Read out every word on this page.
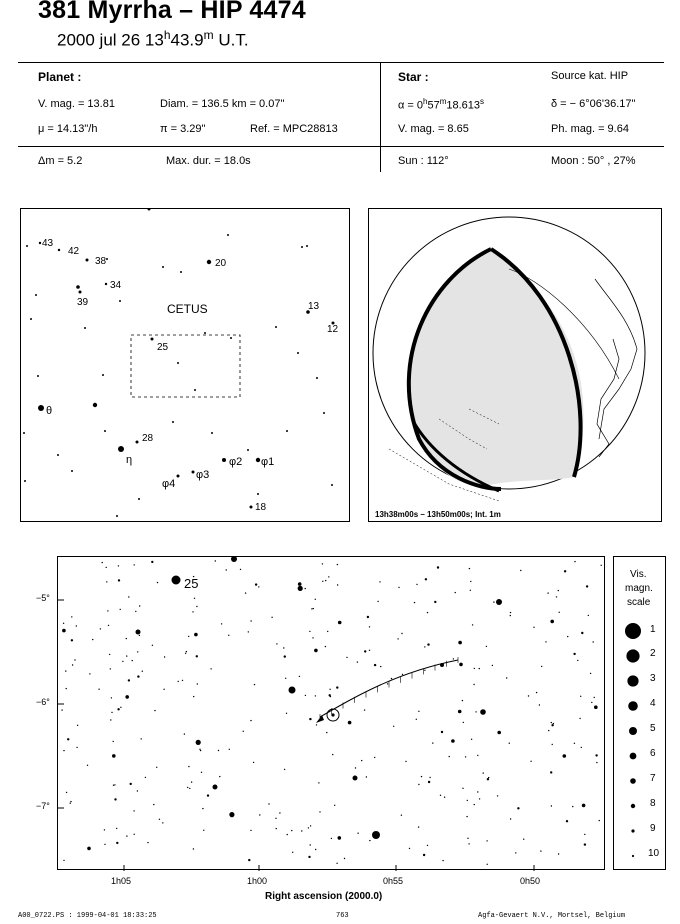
381 Myrrha – HIP 4474
2000 jul 26 13$^h$43.9$^m$ U.T.
Planet :
V. mag. = 13.81	Diam. = 136.5 km = 0.07"
μ = 14.13"/h	π = 3.29"	Ref. = MPC28813
Star :	Source kat. HIP
$\alpha = 0^h57^m18.613^s$	δ = − 6°06'36.17"
V. mag. = 8.65	Ph. mag. = 9.64
Δm = 5.2	Max. dur. = 18.0s	Sun : 112°	Moon : 50° , 27%
CETUS
43
42
38
34
39
20
13
12
25
θ
28
η	φ2 φ1
φ4
φ3
18
13h38m00s – 13h50m00s; Int. 1m
25
−5°
−6°
−7°
1h05	1h00	0h55	0h50
Right ascension (2000.0)
Vis.
magn.
scale
1
2
3
4
5
6
7
8
9
10
A00_0722.PS : 1999-04-01 18:33:25	763	Agfa-Gevaert N.V., Mortsel, Belgium
